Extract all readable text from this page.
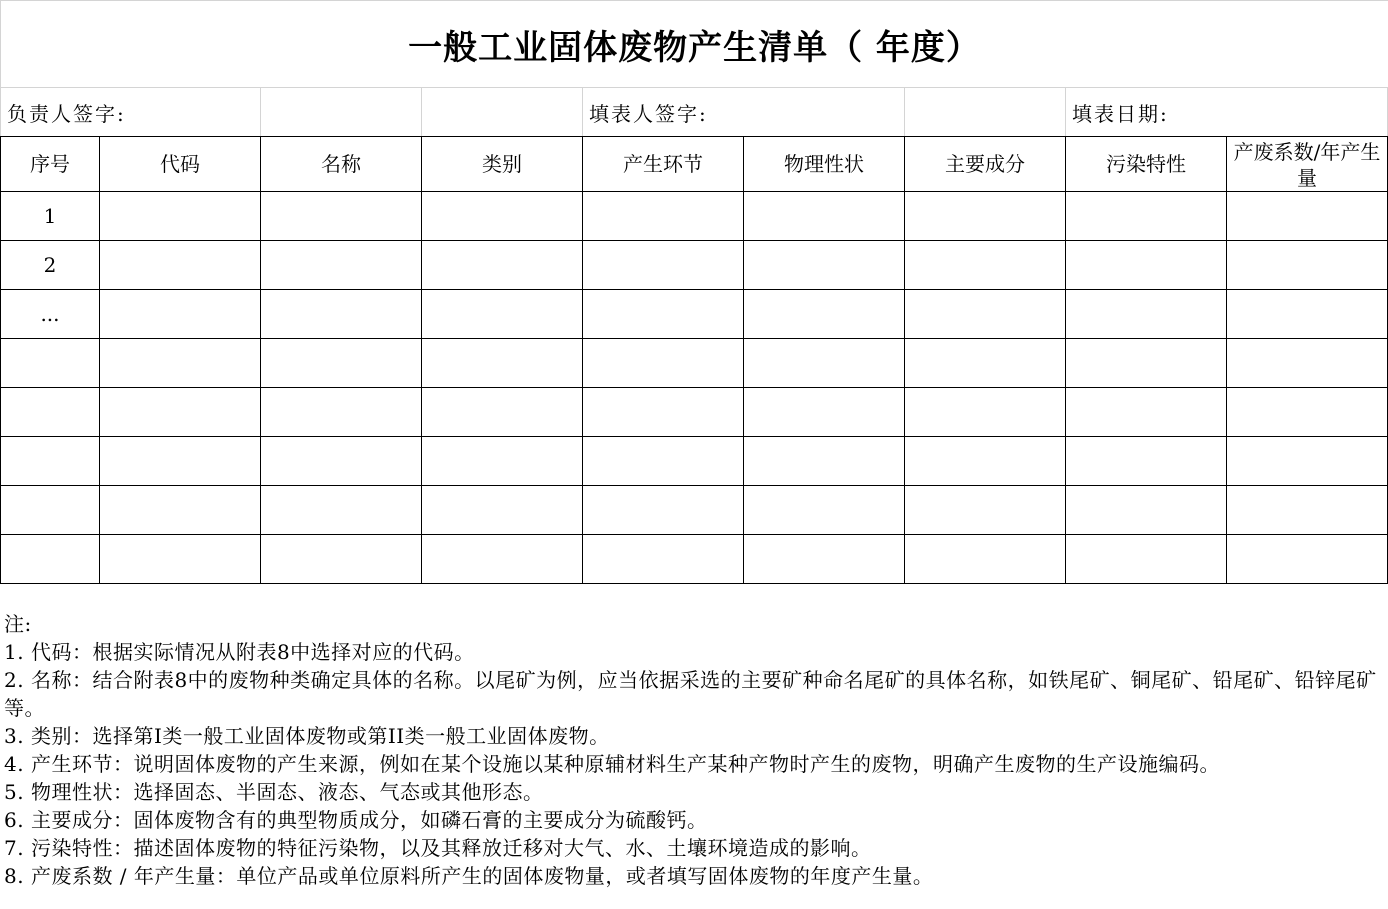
一般工业固体废物产生清单（ 年度）
负责人签字:	填表人签字:	填表日期:
序号	代码	名称	类别	产生环节	物理性状	主要成分	污染特性	产废系数/年产生量
1								
2								
...								

注:
1. 代码：根据实际情况从附表8中选择对应的代码。
2. 名称：结合附表8中的废物种类确定具体的名称。以尾矿为例，应当依据采选的主要矿种命名尾矿的具体名称，如铁尾矿、铜尾矿、铅尾矿、铅锌尾矿等。
3. 类别：选择第I类一般工业固体废物或第II类一般工业固体废物。
4. 产生环节：说明固体废物的产生来源，例如在某个设施以某种原辅材料生产某种产物时产生的废物，明确产生废物的生产设施编码。
5. 物理性状：选择固态、半固态、液态、气态或其他形态。
6. 主要成分：固体废物含有的典型物质成分，如磷石膏的主要成分为硫酸钙。
7. 污染特性：描述固体废物的特征污染物，以及其释放迁移对大气、水、土壤环境造成的影响。
8. 产废系数 / 年产生量：单位产品或单位原料所产生的固体废物量，或者填写固体废物的年度产生量。
